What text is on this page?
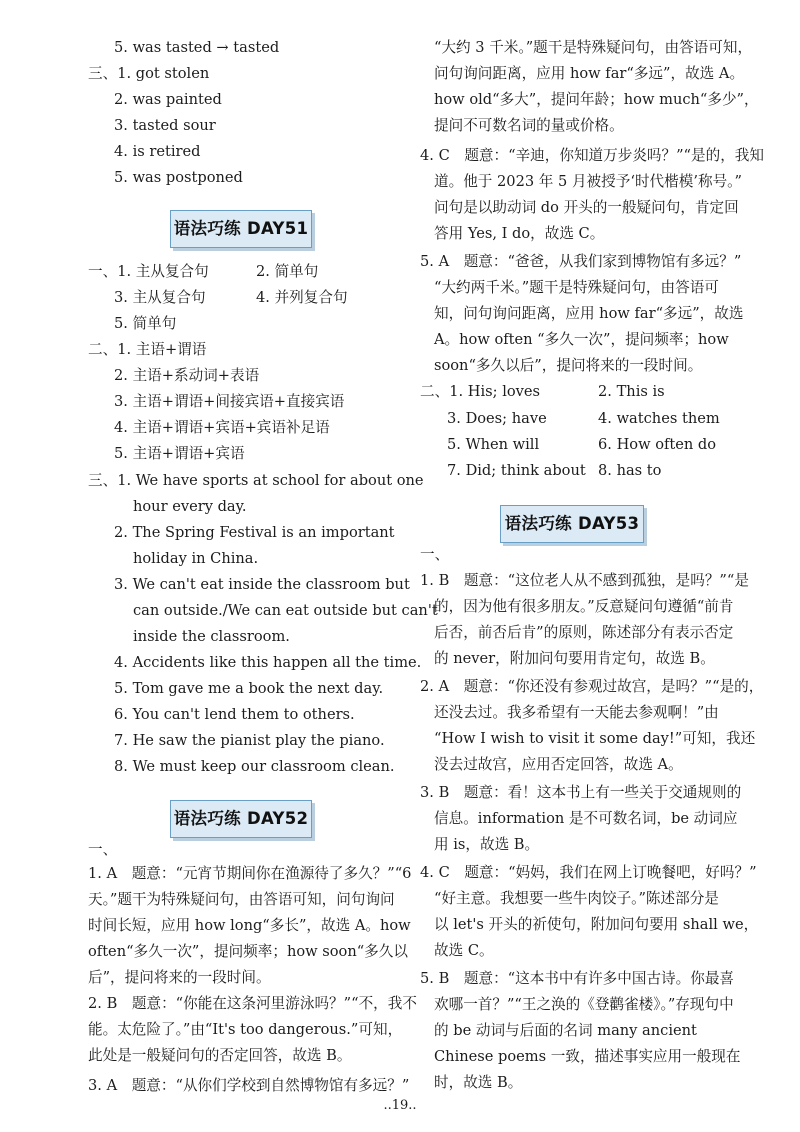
5. was tasted → tasted
三、1. got stolen
2. was painted
3. tasted sour
4. is retired
5. was postponed
语法巧练 DAY51
一、1. 主从复合句	2. 简单句
3. 主从复合句	4. 并列复合句
5. 简单句
二、1. 主语+谓语
2. 主语+系动词+表语
3. 主语+谓语+间接宾语+直接宾语
4. 主语+谓语+宾语+宾语补足语
5. 主语+谓语+宾语
三、1. We have sports at school for about one
hour every day.
2. The Spring Festival is an important
holiday in China.
3. We can't eat inside the classroom but
can outside./We can eat outside but can't
inside the classroom.
4. Accidents like this happen all the time.
5. Tom gave me a book the next day.
6. You can't lend them to others.
7. He saw the pianist play the piano.
8. We must keep our classroom clean.
语法巧练 DAY52
一、
1. A　题意：“元宵节期间你在渔源待了多久？”“6
天。”题干为特殊疑问句，由答语可知，问句询问
时间长短，应用 how long“多长”，故选 A。how
often“多久一次”，提问频率；how soon“多久以
后”，提问将来的一段时间。
2. B　题意：“你能在这条河里游泳吗？”“不，我不
能。太危险了。”由“It's too dangerous.”可知，
此处是一般疑问句的否定回答，故选 B。
3. A　题意：“从你们学校到自然博物馆有多远？”
“大约 3 千米。”题干是特殊疑问句，由答语可知，
问句询问距离，应用 how far“多远”，故选 A。
how old“多大”，提问年龄；how much“多少”，
提问不可数名词的量或价格。
4. C　题意：“辛迪，你知道万步炎吗？”“是的，我知
道。他于 2023 年 5 月被授予‘时代楷模’称号。”
问句是以助动词 do 开头的一般疑问句，肯定回
答用 Yes, I do，故选 C。
5. A　题意：“爸爸，从我们家到博物馆有多远？”
“大约两千米。”题干是特殊疑问句，由答语可
知，问句询问距离，应用 how far“多远”，故选
A。how often “多久一次”，提问频率；how
soon“多久以后”，提问将来的一段时间。
二、1. His; loves	2. This is
3. Does; have	4. watches them
5. When will	6. How often do
7. Did; think about 8. has to
语法巧练 DAY53
一、
1. B　题意：“这位老人从不感到孤独，是吗？”“是
的，因为他有很多朋友。”反意疑问句遵循“前肯
后否，前否后肯”的原则，陈述部分有表示否定
的 never，附加问句要用肯定句，故选 B。
2. A　题意：“你还没有参观过故宫，是吗？”“是的，
还没去过。我多希望有一天能去参观啊！”由
“How I wish to visit it some day!”可知，我还
没去过故宫，应用否定回答，故选 A。
3. B　题意：看！这本书上有一些关于交通规则的
信息。information 是不可数名词，be 动词应
用 is，故选 B。
4. C　题意：“妈妈，我们在网上订晚餐吧，好吗？”
“好主意。我想要一些牛肉饺子。”陈述部分是
以 let's 开头的祈使句，附加问句要用 shall we，
故选 C。
5. B　题意：“这本书中有许多中国古诗。你最喜
欢哪一首？”“王之涣的《登鹳雀楼》。”存现句中
的 be 动词与后面的名词 many ancient
Chinese poems 一致，描述事实应用一般现在
时，故选 B。
..19..
